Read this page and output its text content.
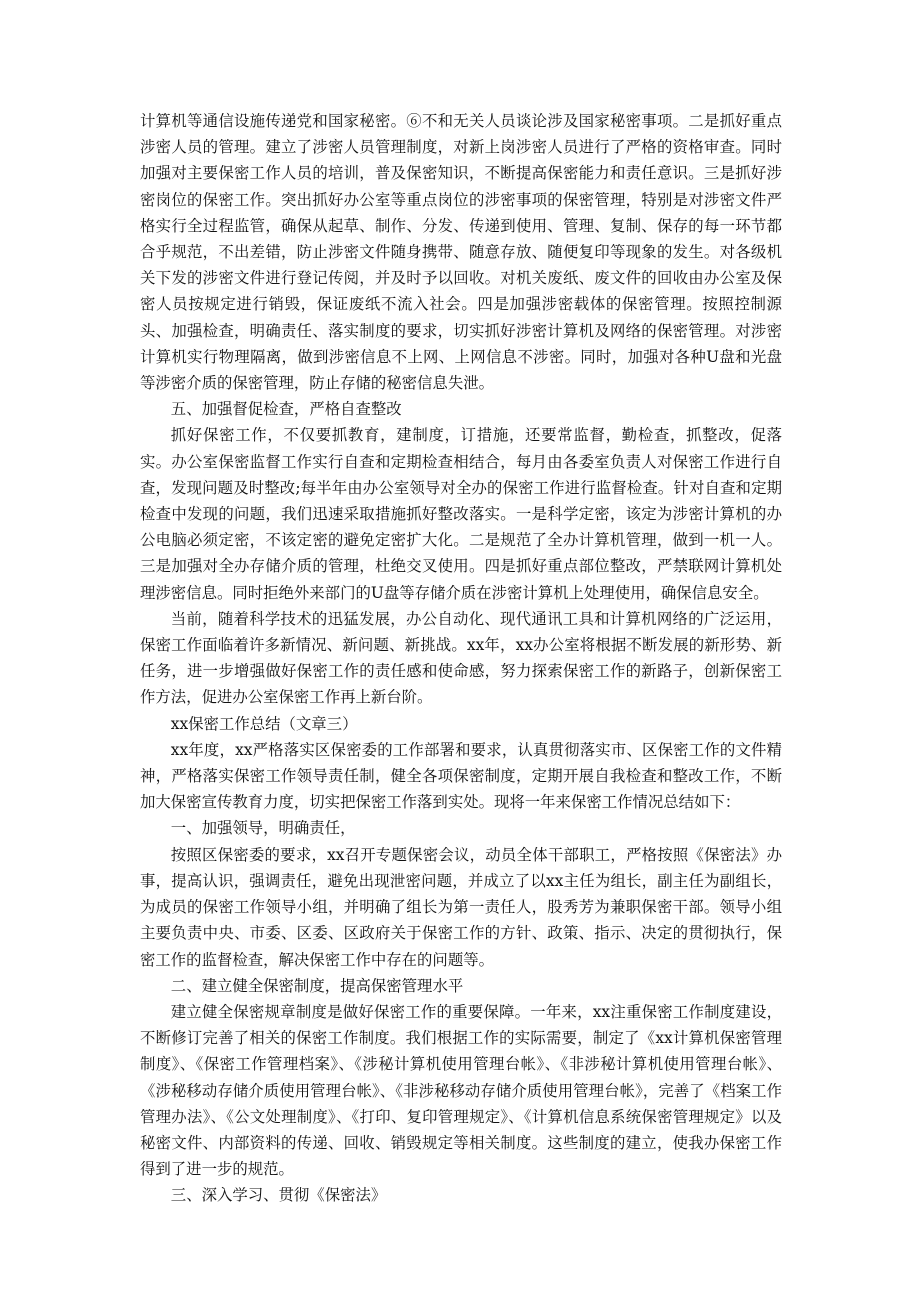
计算机等通信设施传递党和国家秘密。⑥不和无关人员谈论涉及国家秘密事项。二是抓好重点涉密人员的管理。建立了涉密人员管理制度，对新上岗涉密人员进行了严格的资格审查。同时加强对主要保密工作人员的培训，普及保密知识，不断提高保密能力和责任意识。三是抓好涉密岗位的保密工作。突出抓好办公室等重点岗位的涉密事项的保密管理，特别是对涉密文件严格实行全过程监管，确保从起草、制作、分发、传递到使用、管理、复制、保存的每一环节都合乎规范，不出差错，防止涉密文件随身携带、随意存放、随便复印等现象的发生。对各级机关下发的涉密文件进行登记传阅，并及时予以回收。对机关废纸、废文件的回收由办公室及保密人员按规定进行销毁，保证废纸不流入社会。四是加强涉密载体的保密管理。按照控制源头、加强检查，明确责任、落实制度的要求，切实抓好涉密计算机及网络的保密管理。对涉密计算机实行物理隔离，做到涉密信息不上网、上网信息不涉密。同时，加强对各种U盘和光盘等涉密介质的保密管理，防止存储的秘密信息失泄。

五、加强督促检查，严格自查整改

抓好保密工作，不仅要抓教育，建制度，订措施，还要常监督，勤检查，抓整改，促落实。办公室保密监督工作实行自查和定期检查相结合，每月由各委室负责人对保密工作进行自查，发现问题及时整改;每半年由办公室领导对全办的保密工作进行监督检查。针对自查和定期检查中发现的问题，我们迅速采取措施抓好整改落实。一是科学定密，该定为涉密计算机的办公电脑必须定密，不该定密的避免定密扩大化。二是规范了全办计算机管理，做到一机一人。三是加强对全办存储介质的管理，杜绝交叉使用。四是抓好重点部位整改，严禁联网计算机处理涉密信息。同时拒绝外来部门的U盘等存储介质在涉密计算机上处理使用，确保信息安全。

当前，随着科学技术的迅猛发展，办公自动化、现代通讯工具和计算机网络的广泛运用，保密工作面临着许多新情况、新问题、新挑战。xx年，xx办公室将根据不断发展的新形势、新任务，进一步增强做好保密工作的责任感和使命感，努力探索保密工作的新路子，创新保密工作方法，促进办公室保密工作再上新台阶。

xx保密工作总结（文章三）

xx年度，xx严格落实区保密委的工作部署和要求，认真贯彻落实市、区保密工作的文件精神，严格落实保密工作领导责任制，健全各项保密制度，定期开展自我检查和整改工作，不断加大保密宣传教育力度，切实把保密工作落到实处。现将一年来保密工作情况总结如下：

一、加强领导，明确责任，

按照区保密委的要求，xx召开专题保密会议，动员全体干部职工，严格按照《保密法》办事，提高认识，强调责任，避免出现泄密问题，并成立了以xx主任为组长，副主任为副组长，为成员的保密工作领导小组，并明确了组长为第一责任人，股秀芳为兼职保密干部。领导小组主要负责中央、市委、区委、区政府关于保密工作的方针、政策、指示、决定的贯彻执行，保密工作的监督检查，解决保密工作中存在的问题等。

二、建立健全保密制度，提高保密管理水平

建立健全保密规章制度是做好保密工作的重要保障。一年来，xx注重保密工作制度建设，不断修订完善了相关的保密工作制度。我们根据工作的实际需要，制定了《xx计算机保密管理制度》、《保密工作管理档案》、《涉秘计算机使用管理台帐》、《非涉秘计算机使用管理台帐》、《涉秘移动存储介质使用管理台帐》、《非涉秘移动存储介质使用管理台帐》，完善了《档案工作管理办法》、《公文处理制度》、《打印、复印管理规定》、《计算机信息系统保密管理规定》以及秘密文件、内部资料的传递、回收、销毁规定等相关制度。这些制度的建立，使我办保密工作得到了进一步的规范。

三、深入学习、贯彻《保密法》
